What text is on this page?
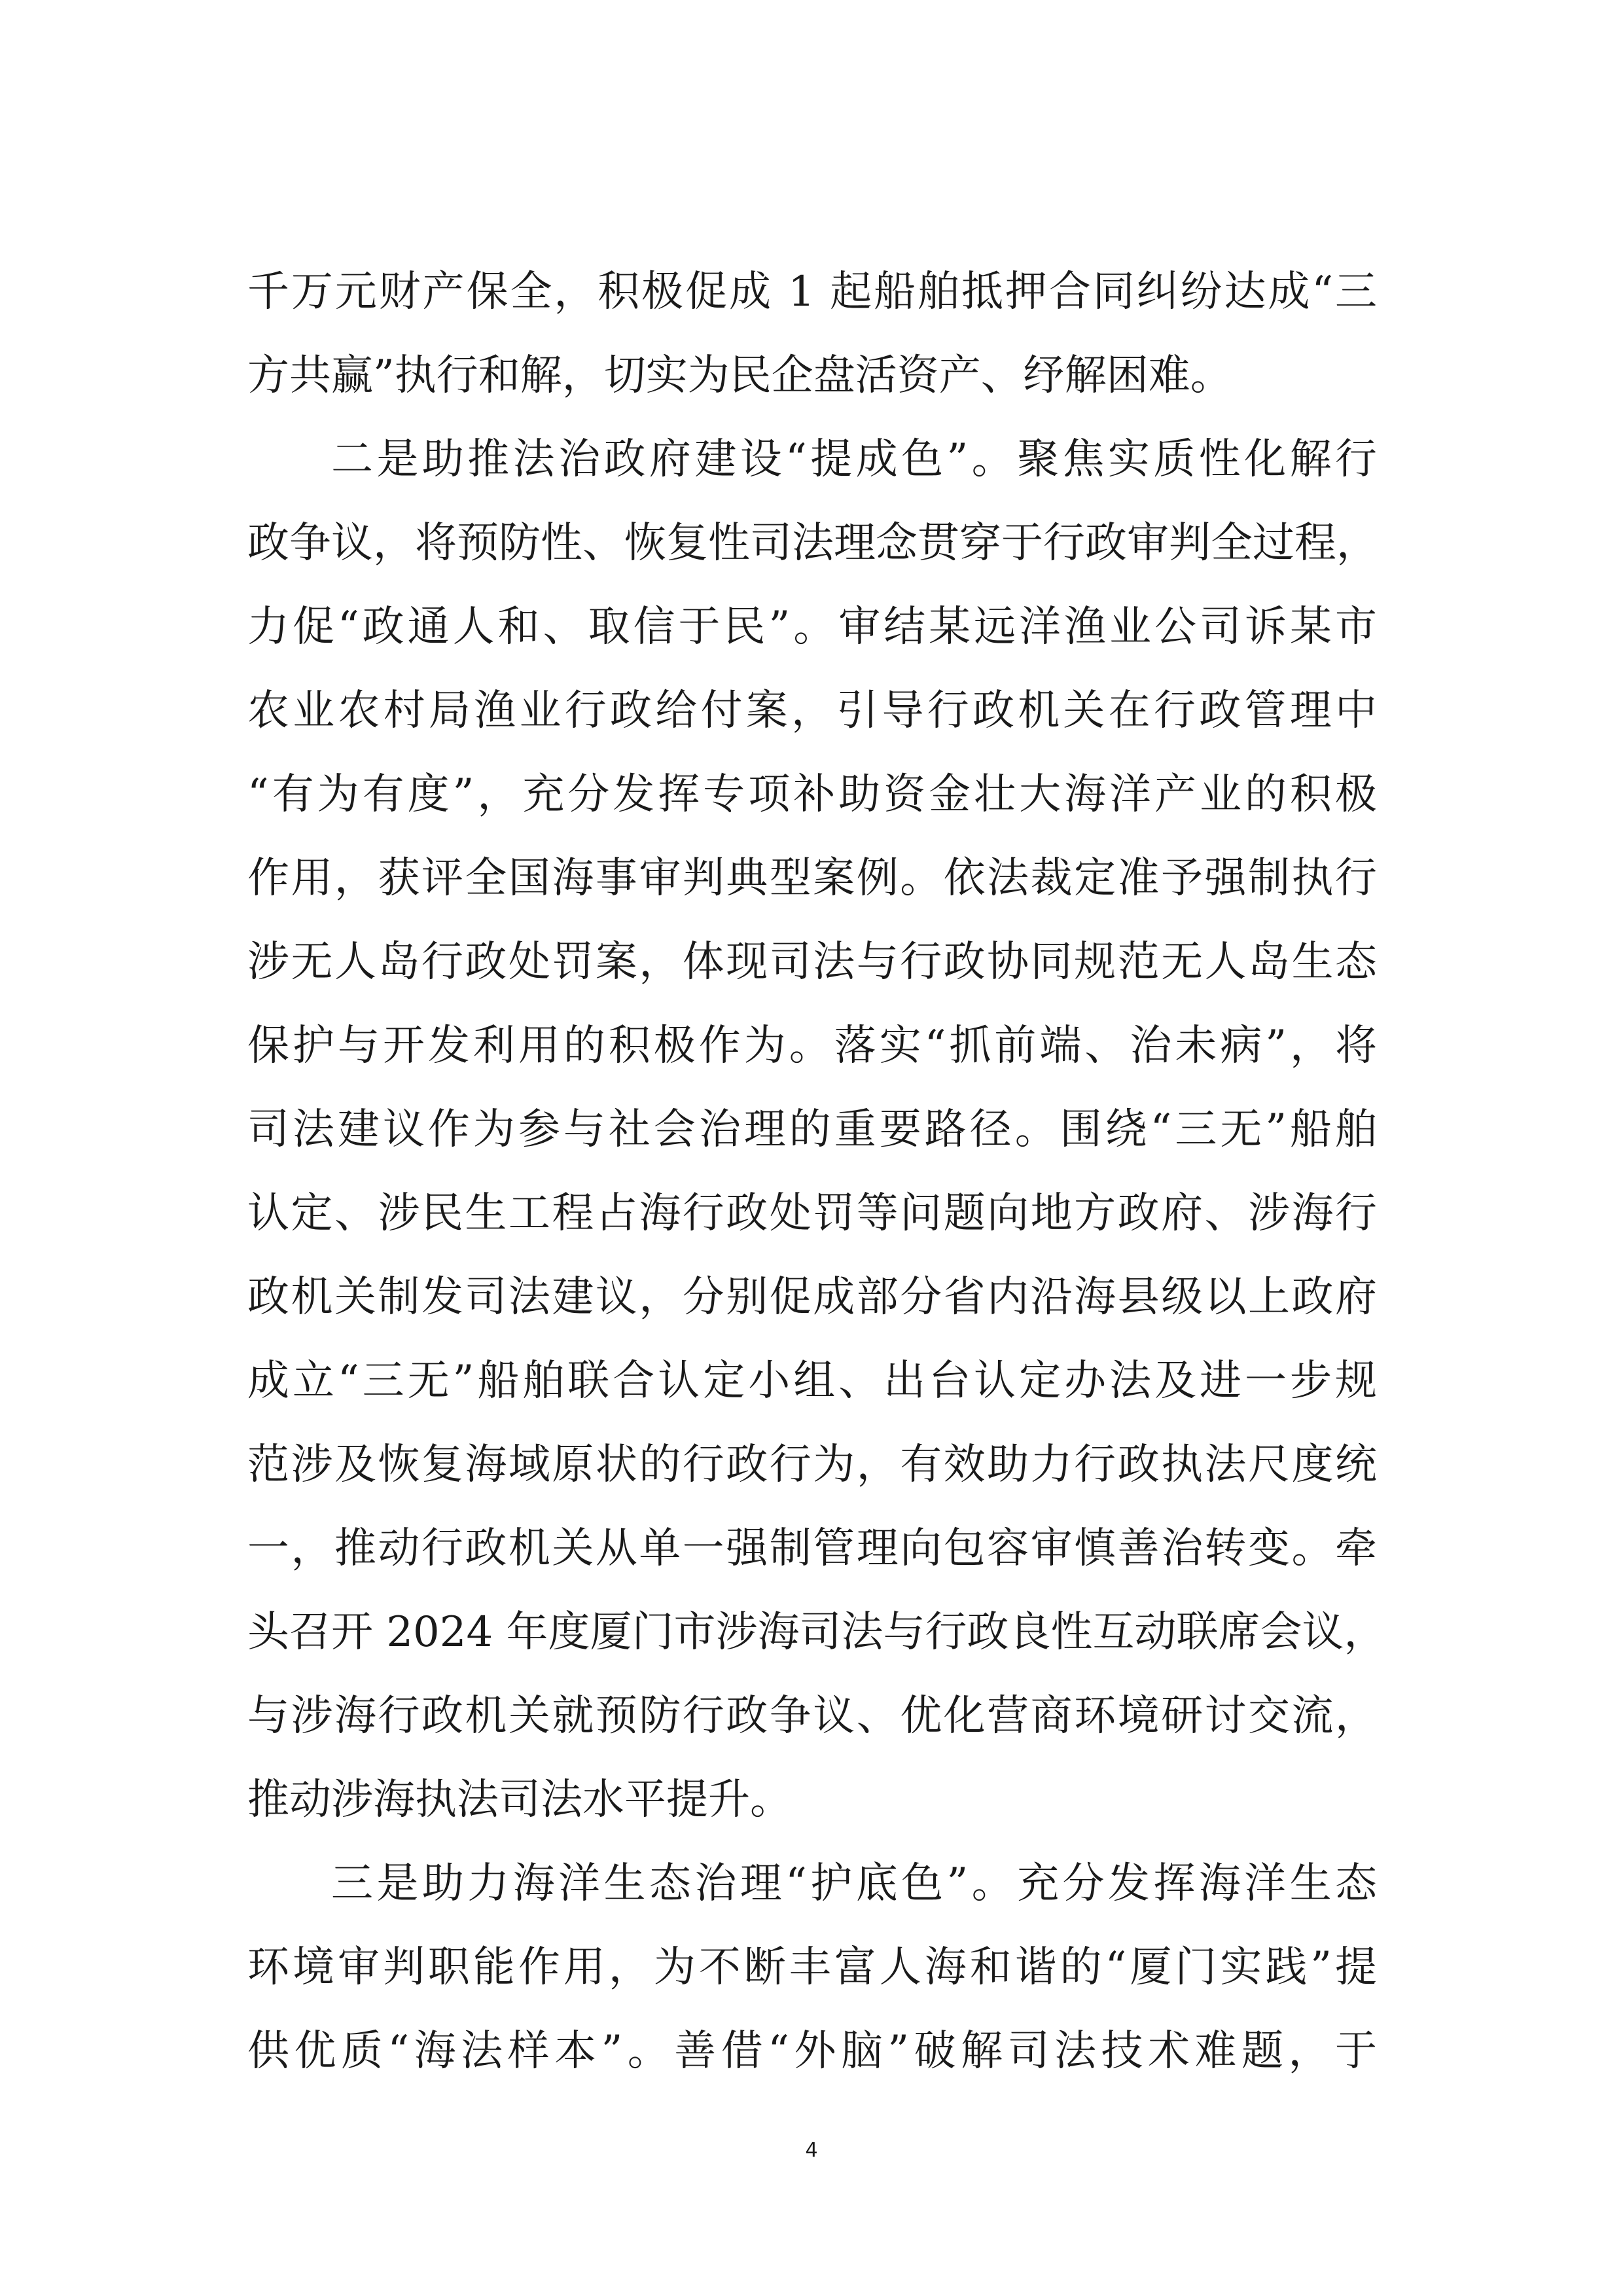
千万元财产保全，积极促成 1 起船舶抵押合同纠纷达成“三
方共赢”执行和解，切实为民企盘活资产、纾解困难。
二是助推法治政府建设“提成色”。聚焦实质性化解行
政争议，将预防性、恢复性司法理念贯穿于行政审判全过程，
力促“政通人和、取信于民”。审结某远洋渔业公司诉某市
农业农村局渔业行政给付案，引导行政机关在行政管理中
“有为有度”，充分发挥专项补助资金壮大海洋产业的积极
作用，获评全国海事审判典型案例。依法裁定准予强制执行
涉无人岛行政处罚案，体现司法与行政协同规范无人岛生态
保护与开发利用的积极作为。落实“抓前端、治未病”，将
司法建议作为参与社会治理的重要路径。围绕“三无”船舶
认定、涉民生工程占海行政处罚等问题向地方政府、涉海行
政机关制发司法建议，分别促成部分省内沿海县级以上政府
成立“三无”船舶联合认定小组、出台认定办法及进一步规
范涉及恢复海域原状的行政行为，有效助力行政执法尺度统
一，推动行政机关从单一强制管理向包容审慎善治转变。牵
头召开 2024 年度厦门市涉海司法与行政良性互动联席会议，
与涉海行政机关就预防行政争议、优化营商环境研讨交流，
推动涉海执法司法水平提升。
三是助力海洋生态治理“护底色”。充分发挥海洋生态
环境审判职能作用，为不断丰富人海和谐的“厦门实践”提
供优质“海法样本”。善借“外脑”破解司法技术难题，于
4
